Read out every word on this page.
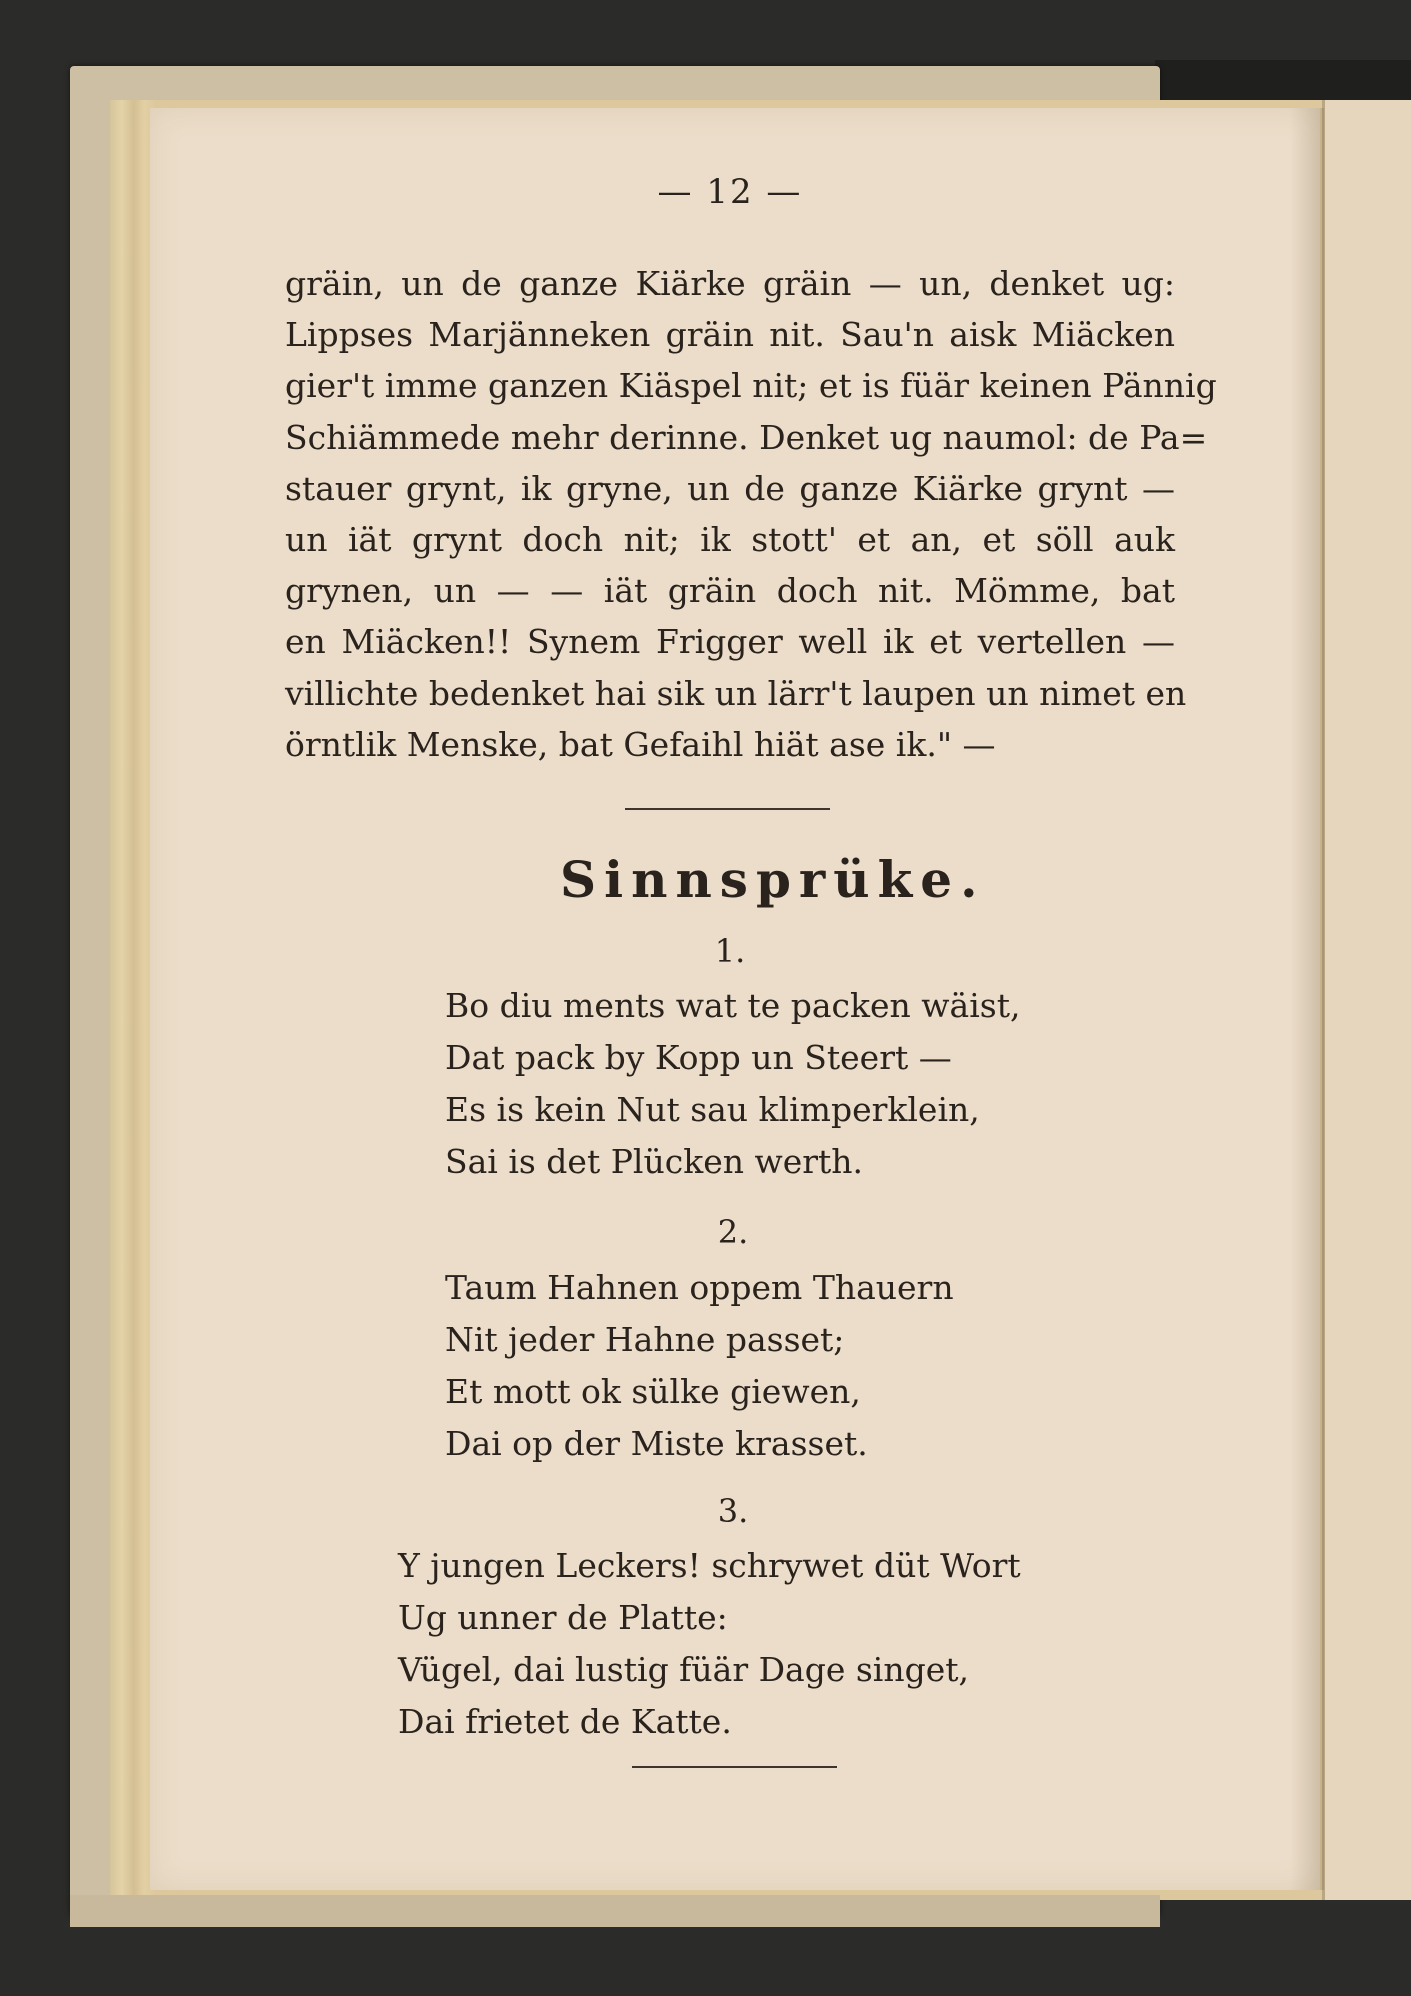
— 12 —
gräin, un de ganze Kiärke gräin — un, denket ug:
Lippses Marjänneken gräin nit. Sau'n aisk Miäcken
gier't imme ganzen Kiäspel nit; et is füär keinen Pännig
Schiämmede mehr derinne. Denket ug naumol: de Pa=
stauer grynt, ik gryne, un de ganze Kiärke grynt —
un iät grynt doch nit; ik stott' et an, et söll auk
grynen, un — — iät gräin doch nit. Mömme, bat
en Miäcken!! Synem Frigger well ik et vertellen —
villichte bedenket hai sik un lärr't laupen un nimet en
örntlik Menske, bat Gefaihl hiät ase ik." —
Sinnsprüke.
1.
Bo diu ments wat te packen wäist,
Dat pack by Kopp un Steert —
Es is kein Nut sau klimperklein,
Sai is det Plücken werth.
2.
Taum Hahnen oppem Thauern
Nit jeder Hahne passet;
Et mott ok sülke giewen,
Dai op der Miste krasset.
3.
Y jungen Leckers! schrywet düt Wort
Ug unner de Platte:
Vügel, dai lustig füär Dage singet,
Dai frietet de Katte.
